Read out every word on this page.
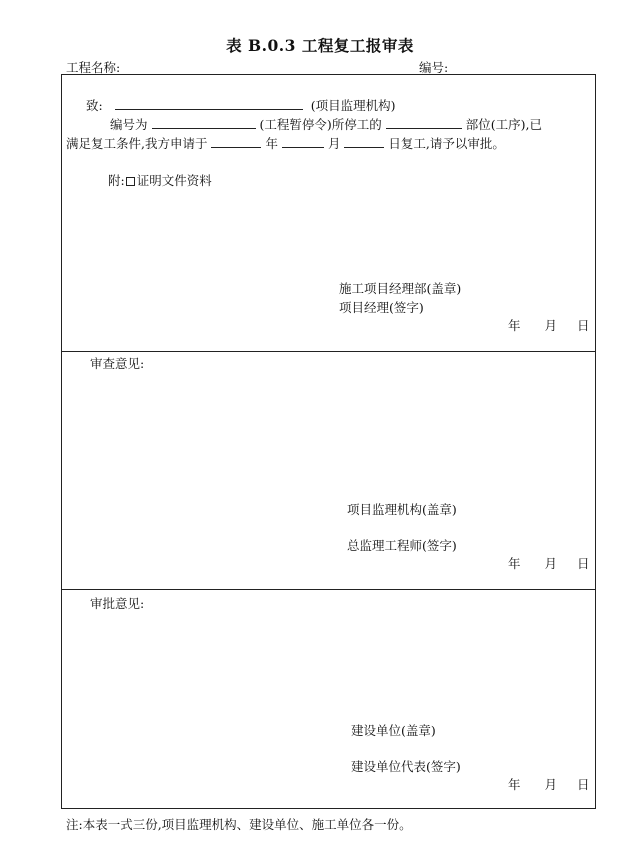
表 B.0.3 工程复工报审表
工程名称:	编号:
致:	(项目监理机构)
编号为	(工程暂停令)所停工的	部位(工序),已
满足复工条件,我方申请于	年	月	日复工,请予以审批。
附: 证明文件资料
施工项目经理部(盖章)
项目经理(签字)
年 月 日
审查意见:
项目监理机构(盖章)
总监理工程师(签字)
年 月 日
审批意见:
建设单位(盖章)
建设单位代表(签字)
年 月 日
注:本表一式三份,项目监理机构、建设单位、施工单位各一份。
